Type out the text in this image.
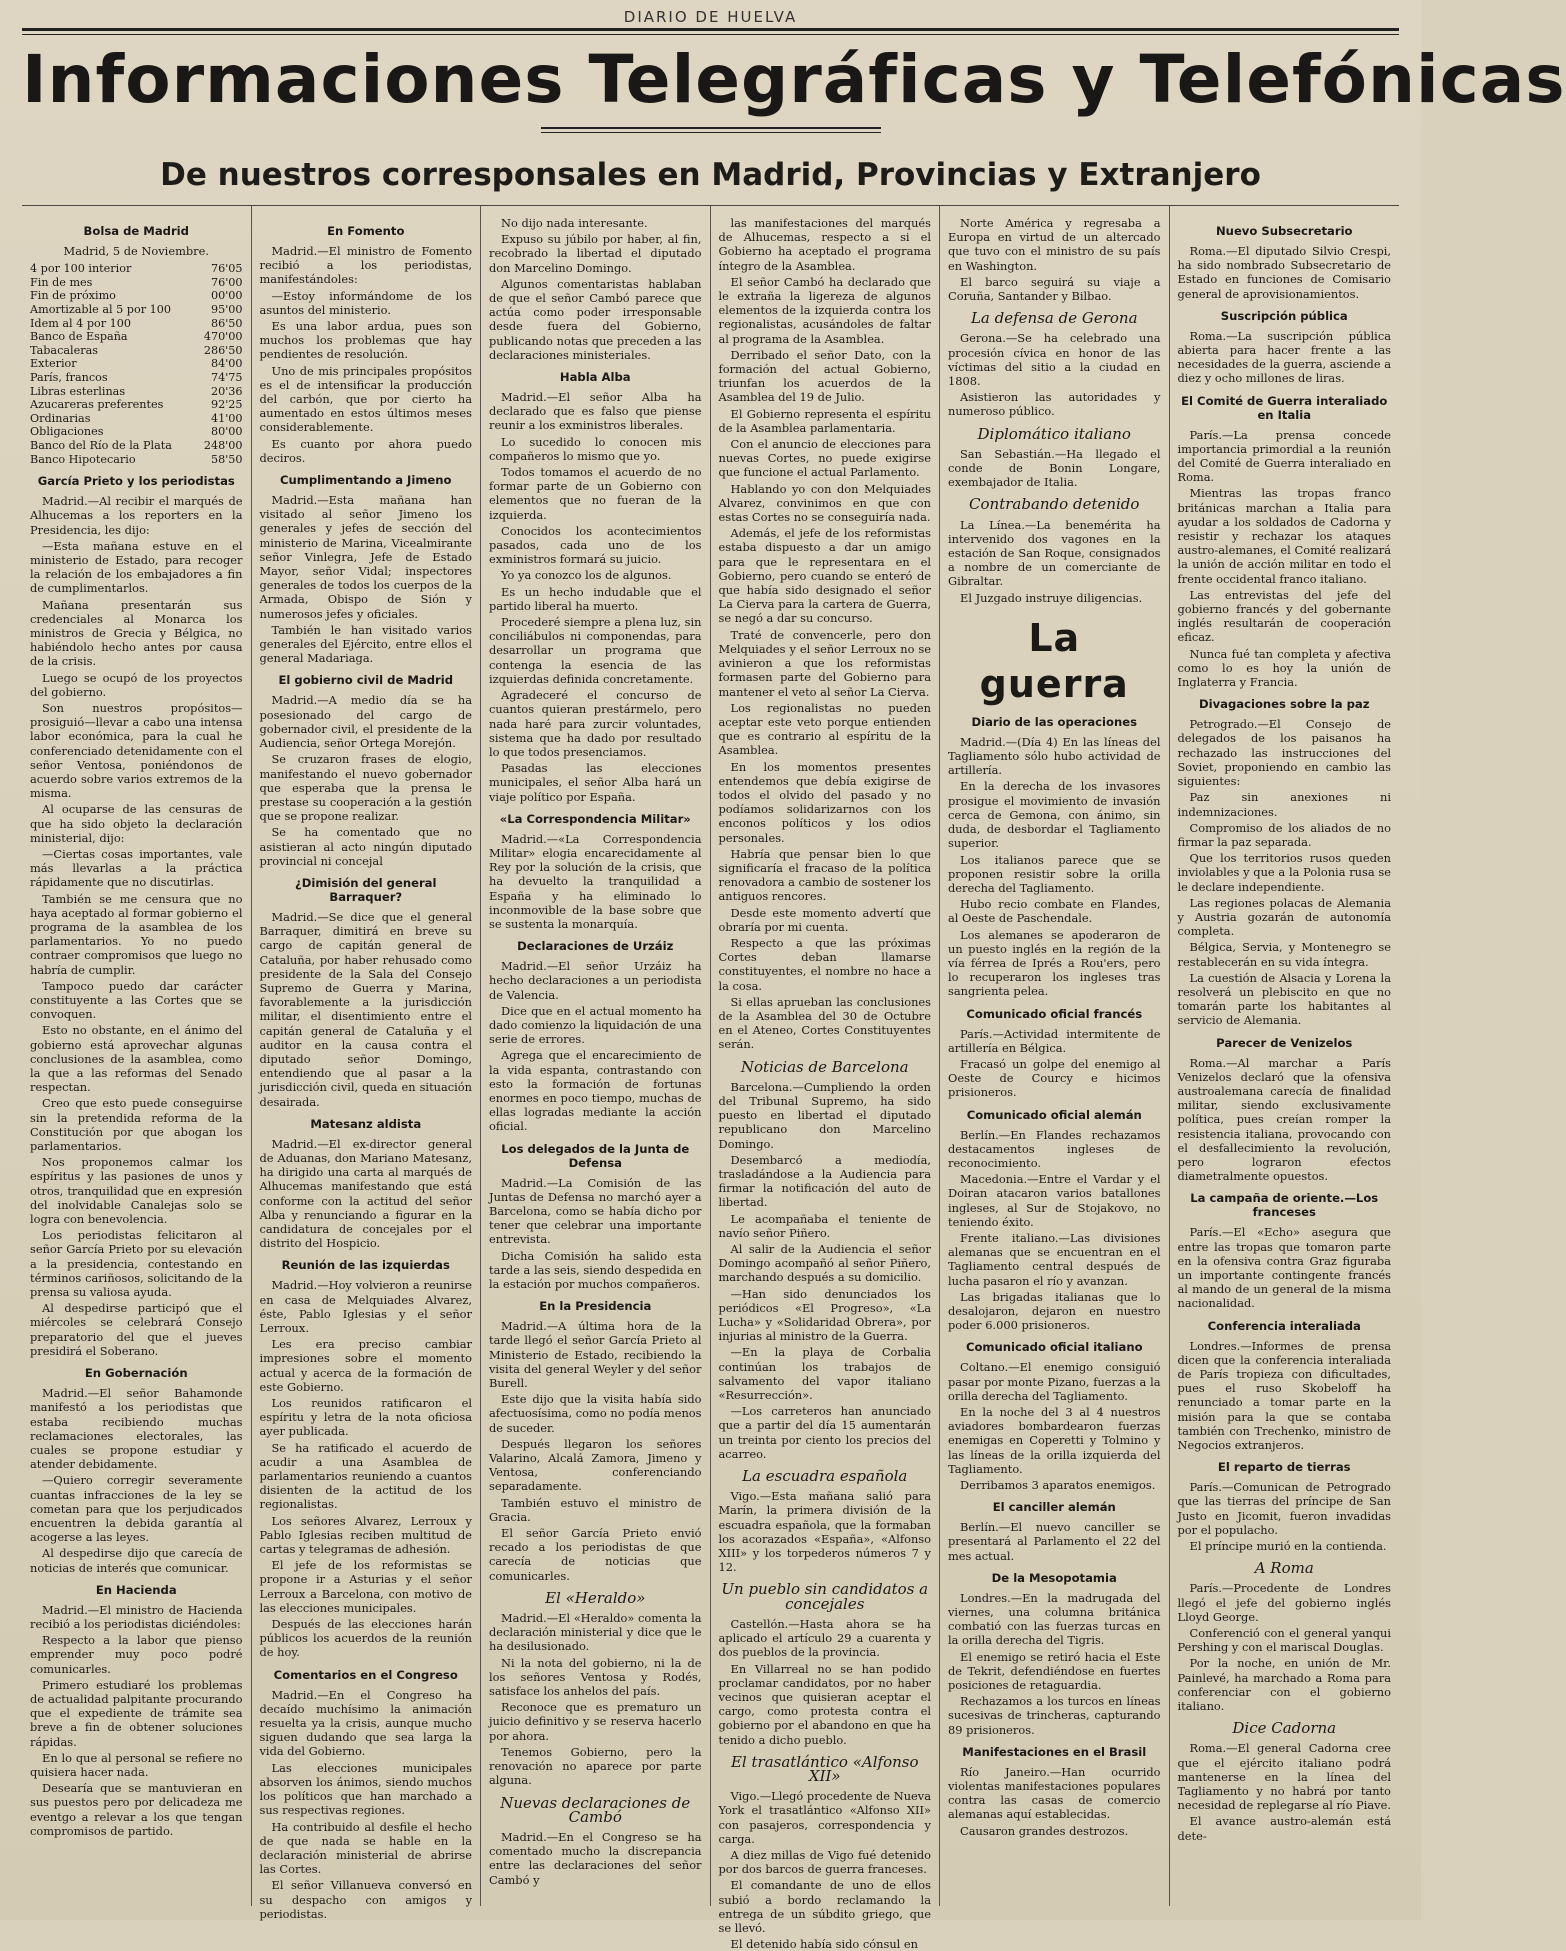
DIARIO DE HUELVA
Informaciones Telegráficas y Telefónicas
De nuestros corresponsales en Madrid, Provincias y Extranjero
Bolsa de Madrid
Madrid, 5 de Noviembre.
4 por 100 interior	76'05
Fin de mes	76'00
Fin de próximo	00'00
Amortizable al 5 por 100	95'00
Idem al 4 por 100	86'50
Banco de España	470'00
Tabacaleras	286'50
Exterior	84'00
París, francos	74'75
Libras esterlinas	20'36
Azucareras preferentes	92'25
Ordinarias	41'00
Obligaciones	80'00
Banco del Río de la Plata	248'00
Banco Hipotecario	58'50
García Prieto y los periodistas

Madrid.—Al recibir el marqués de Alhucemas a los reporters en la Presidencia, les dijo:

—Esta mañana estuve en el ministerio de Estado, para recoger la relación de los embajadores a fin de cumplimentarlos.

Mañana presentarán sus credenciales al Monarca los ministros de Grecia y Bélgica, no habiéndolo hecho antes por causa de la crisis.

Luego se ocupó de los proyectos del gobierno.

Son nuestros propósitos—prosiguió—llevar a cabo una intensa labor económica, para la cual he conferenciado detenidamente con el señor Ventosa, poniéndonos de acuerdo sobre varios extremos de la misma.

Al ocuparse de las censuras de que ha sido objeto la declaración ministerial, dijo:

—Ciertas cosas importantes, vale más llevarlas a la práctica rápidamente que no discutirlas.

También se me censura que no haya aceptado al formar gobierno el programa de la asamblea de los parlamentarios. Yo no puedo contraer compromisos que luego no habría de cumplir.

Tampoco puedo dar carácter constituyente a las Cortes que se convoquen.

Esto no obstante, en el ánimo del gobierno está aprovechar algunas conclusiones de la asamblea, como la que a las reformas del Senado respectan.

Creo que esto puede conseguirse sin la pretendida reforma de la Constitución por que abogan los parlamentarios.

Nos proponemos calmar los espíritus y las pasiones de unos y otros, tranquilidad que en expresión del inolvidable Canalejas solo se logra con benevolencia.

Los periodistas felicitaron al señor García Prieto por su elevación a la presidencia, contestando en términos cariñosos, solicitando de la prensa su valiosa ayuda.

Al despedirse participó que el miércoles se celebrará Consejo preparatorio del que el jueves presidirá el Soberano.

En Gobernación

Madrid.—El señor Bahamonde manifestó a los periodistas que estaba recibiendo muchas reclamaciones electorales, las cuales se propone estudiar y atender debidamente.

—Quiero corregir severamente cuantas infracciones de la ley se cometan para que los perjudicados encuentren la debida garantía al acogerse a las leyes.

Al despedirse dijo que carecía de noticias de interés que comunicar.

En Hacienda

Madrid.—El ministro de Hacienda recibió a los periodistas diciéndoles:

Respecto a la labor que pienso emprender muy poco podré comunicarles.

Primero estudiaré los problemas de actualidad palpitante procurando que el expediente de trámite sea breve a fin de obtener soluciones rápidas.

En lo que al personal se refiere no quisiera hacer nada.

Desearía que se mantuvieran en sus puestos pero por delicadeza me eventgo a relevar a los que tengan compromisos de partido.

En Fomento

Madrid.—El ministro de Fomento recibió a los periodistas, manifestándoles:

—Estoy informándome de los asuntos del ministerio.

Es una labor ardua, pues son muchos los problemas que hay pendientes de resolución.

Uno de mis principales propósitos es el de intensificar la producción del carbón, que por cierto ha aumentado en estos últimos meses considerablemente.

Es cuanto por ahora puedo deciros.

Cumplimentando a Jimeno

Madrid.—Esta mañana han visitado al señor Jimeno los generales y jefes de sección del ministerio de Marina, Vicealmirante señor Vinlegra, Jefe de Estado Mayor, señor Vidal; inspectores generales de todos los cuerpos de la Armada, Obispo de Sión y numerosos jefes y oficiales.

También le han visitado varios generales del Ejército, entre ellos el general Madariaga.

El gobierno civil de Madrid

Madrid.—A medio día se ha posesionado del cargo de gobernador civil, el presidente de la Audiencia, señor Ortega Morejón.

Se cruzaron frases de elogio, manifestando el nuevo gobernador que esperaba que la prensa le prestase su cooperación a la gestión que se propone realizar.

Se ha comentado que no asistieran al acto ningún diputado provincial ni concejal

¿Dimisión del general Barraquer?

Madrid.—Se dice que el general Barraquer, dimitirá en breve su cargo de capitán general de Cataluña, por haber rehusado como presidente de la Sala del Consejo Supremo de Guerra y Marina, favorablemente a la jurisdicción militar, el disentimiento entre el capitán general de Cataluña y el auditor en la causa contra el diputado señor Domingo, entendiendo que al pasar a la jurisdicción civil, queda en situación desairada.

Matesanz aldista

Madrid.—El ex-director general de Aduanas, don Mariano Matesanz, ha dirigido una carta al marqués de Alhucemas manifestando que está conforme con la actitud del señor Alba y renunciando a figurar en la candidatura de concejales por el distrito del Hospicio.

Reunión de las izquierdas

Madrid.—Hoy volvieron a reunirse en casa de Melquiades Alvarez, éste, Pablo Iglesias y el señor Lerroux.

Les era preciso cambiar impresiones sobre el momento actual y acerca de la formación de este Gobierno.

Los reunidos ratificaron el espíritu y letra de la nota oficiosa ayer publicada.

Se ha ratificado el acuerdo de acudir a una Asamblea de parlamentarios reuniendo a cuantos disienten de la actitud de los regionalistas.

Los señores Alvarez, Lerroux y Pablo Iglesias reciben multitud de cartas y telegramas de adhesión.

El jefe de los reformistas se propone ir a Asturias y el señor Lerroux a Barcelona, con motivo de las elecciones municipales.

Después de las elecciones harán públicos los acuerdos de la reunión de hoy.

Comentarios en el Congreso

Madrid.—En el Congreso ha decaído muchísimo la animación resuelta ya la crisis, aunque mucho siguen dudando que sea larga la vida del Gobierno.

Las elecciones municipales absorven los ánimos, siendo muchos los políticos que han marchado a sus respectivas regiones.

Ha contribuido al desfile el hecho de que nada se hable en la declaración ministerial de abrirse las Cortes.

El señor Villanueva conversó en su despacho con amigos y periodistas.

No dijo nada interesante.

Expuso su júbilo por haber, al fin, recobrado la libertad el diputado don Marcelino Domingo.

Algunos comentaristas hablaban de que el señor Cambó parece que actúa como poder irresponsable desde fuera del Gobierno, publicando notas que preceden a las declaraciones ministeriales.

Habla Alba

Madrid.—El señor Alba ha declarado que es falso que piense reunir a los exministros liberales.

Lo sucedido lo conocen mis compañeros lo mismo que yo.

Todos tomamos el acuerdo de no formar parte de un Gobierno con elementos que no fueran de la izquierda.

Conocidos los acontecimientos pasados, cada uno de los exministros formará su juicio.

Yo ya conozco los de algunos.

Es un hecho indudable que el partido liberal ha muerto.

Procederé siempre a plena luz, sin conciliábulos ni componendas, para desarrollar un programa que contenga la esencia de las izquierdas definida concretamente.

Agradeceré el concurso de cuantos quieran prestármelo, pero nada haré para zurcir voluntades, sistema que ha dado por resultado lo que todos presenciamos.

Pasadas las elecciones municipales, el señor Alba hará un viaje político por España.

«La Correspondencia Militar»

Madrid.—«La Correspondencia Militar» elogia encarecidamente al Rey por la solución de la crisis, que ha devuelto la tranquilidad a España y ha eliminado lo inconmovible de la base sobre que se sustenta la monarquía.

Declaraciones de Urzáiz

Madrid.—El señor Urzáiz ha hecho declaraciones a un periodista de Valencia.

Dice que en el actual momento ha dado comienzo la liquidación de una serie de errores.

Agrega que el encarecimiento de la vida espanta, contrastando con esto la formación de fortunas enormes en poco tiempo, muchas de ellas logradas mediante la acción oficial.

Los delegados de la Junta de Defensa

Madrid.—La Comisión de las Juntas de Defensa no marchó ayer a Barcelona, como se había dicho por tener que celebrar una importante entrevista.

Dicha Comisión ha salido esta tarde a las seis, siendo despedida en la estación por muchos compañeros.

En la Presidencia

Madrid.—A última hora de la tarde llegó el señor García Prieto al Ministerio de Estado, recibiendo la visita del general Weyler y del señor Burell.

Este dijo que la visita había sido afectuosísima, como no podía menos de suceder.

Después llegaron los señores Valarino, Alcalá Zamora, Jimeno y Ventosa, conferenciando separadamente.

También estuvo el ministro de Gracia.

El señor García Prieto envió recado a los periodistas de que carecía de noticias que comunicarles.

El «Heraldo»

Madrid.—El «Heraldo» comenta la declaración ministerial y dice que le ha desilusionado.

Ni la nota del gobierno, ni la de los señores Ventosa y Rodés, satisface los anhelos del país.

Reconoce que es prematuro un juicio definitivo y se reserva hacerlo por ahora.

Tenemos Gobierno, pero la renovación no aparece por parte alguna.

Nuevas declaraciones de Cambó

Madrid.—En el Congreso se ha comentado mucho la discrepancia entre las declaraciones del señor Cambó y

las manifestaciones del marqués de Alhucemas, respecto a si el Gobierno ha aceptado el programa íntegro de la Asamblea.

El señor Cambó ha declarado que le extraña la ligereza de algunos elementos de la izquierda contra los regionalistas, acusándoles de faltar al programa de la Asamblea.

Derribado el señor Dato, con la formación del actual Gobierno, triunfan los acuerdos de la Asamblea del 19 de Julio.

El Gobierno representa el espíritu de la Asamblea parlamentaria.

Con el anuncio de elecciones para nuevas Cortes, no puede exigirse que funcione el actual Parlamento.

Hablando yo con don Melquiades Alvarez, convinimos en que con estas Cortes no se conseguiría nada.

Además, el jefe de los reformistas estaba dispuesto a dar un amigo para que le representara en el Gobierno, pero cuando se enteró de que había sido designado el señor La Cierva para la cartera de Guerra, se negó a dar su concurso.

Traté de convencerle, pero don Melquiades y el señor Lerroux no se avinieron a que los reformistas formasen parte del Gobierno para mantener el veto al señor La Cierva.

Los regionalistas no pueden aceptar este veto porque entienden que es contrario al espíritu de la Asamblea.

En los momentos presentes entendemos que debía exigirse de todos el olvido del pasado y no podíamos solidarizarnos con los enconos políticos y los odios personales.

Habría que pensar bien lo que significaría el fracaso de la política renovadora a cambio de sostener los antiguos rencores.

Desde este momento advertí que obraría por mi cuenta.

Respecto a que las próximas Cortes deban llamarse constituyentes, el nombre no hace a la cosa.

Si ellas aprueban las conclusiones de la Asamblea del 30 de Octubre en el Ateneo, Cortes Constituyentes serán.

Noticias de Barcelona

Barcelona.—Cumpliendo la orden del Tribunal Supremo, ha sido puesto en libertad el diputado republicano don Marcelino Domingo.

Desembarcó a mediodía, trasladándose a la Audiencia para firmar la notificación del auto de libertad.

Le acompañaba el teniente de navío señor Piñero.

Al salir de la Audiencia el señor Domingo acompañó al señor Piñero, marchando después a su domicilio.

—Han sido denunciados los periódicos «El Progreso», «La Lucha» y «Solidaridad Obrera», por injurias al ministro de la Guerra.

—En la playa de Corbalia continúan los trabajos de salvamento del vapor italiano «Resurrección».

—Los carreteros han anunciado que a partir del día 15 aumentarán un treinta por ciento los precios del acarreo.

La escuadra española

Vigo.—Esta mañana salió para Marín, la primera división de la escuadra española, que la formaban los acorazados «España», «Alfonso XIII» y los torpederos números 7 y 12.

Un pueblo sin candidatos a concejales

Castellón.—Hasta ahora se ha aplicado el artículo 29 a cuarenta y dos pueblos de la provincia.

En Villarreal no se han podido proclamar candidatos, por no haber vecinos que quisieran aceptar el cargo, como protesta contra el gobierno por el abandono en que ha tenido a dicho pueblo.

El trasatlántico «Alfonso XII»

Vigo.—Llegó procedente de Nueva York el trasatlántico «Alfonso XII» con pasajeros, correspondencia y carga.

A diez millas de Vigo fué detenido por dos barcos de guerra franceses.

El comandante de uno de ellos subió a bordo reclamando la entrega de un súbdito griego, que se llevó.

El detenido había sido cónsul en

Norte América y regresaba a Europa en virtud de un altercado que tuvo con el ministro de su país en Washington.

El barco seguirá su viaje a Coruña, Santander y Bilbao.

La defensa de Gerona

Gerona.—Se ha celebrado una procesión cívica en honor de las víctimas del sitio a la ciudad en 1808.

Asistieron las autoridades y numeroso público.

Diplomático italiano

San Sebastián.—Ha llegado el conde de Bonin Longare, exembajador de Italia.

Contrabando detenido

La Línea.—La benemérita ha intervenido dos vagones en la estación de San Roque, consignados a nombre de un comerciante de Gibraltar.

El Juzgado instruye diligencias.

La guerra
Diario de las operaciones

Madrid.—(Día 4) En las líneas del Tagliamento sólo hubo actividad de artillería.

En la derecha de los invasores prosigue el movimiento de invasión cerca de Gemona, con ánimo, sin duda, de desbordar el Tagliamento superior.

Los italianos parece que se proponen resistir sobre la orilla derecha del Tagliamento.

Hubo recio combate en Flandes, al Oeste de Paschendale.

Los alemanes se apoderaron de un puesto inglés en la región de la vía férrea de Iprés a Rou'ers, pero lo recuperaron los ingleses tras sangrienta pelea.

Comunicado oficial francés

París.—Actividad intermitente de artillería en Bélgica.

Fracasó un golpe del enemigo al Oeste de Courcy e hicimos prisioneros.

Comunicado oficial alemán

Berlín.—En Flandes rechazamos destacamentos ingleses de reconocimiento.

Macedonia.—Entre el Vardar y el Doiran atacaron varios batallones ingleses, al Sur de Stojakovo, no teniendo éxito.

Frente italiano.—Las divisiones alemanas que se encuentran en el Tagliamento central después de lucha pasaron el río y avanzan.

Las brigadas italianas que lo desalojaron, dejaron en nuestro poder 6.000 prisioneros.

Comunicado oficial italiano

Coltano.—El enemigo consiguió pasar por monte Pizano, fuerzas a la orilla derecha del Tagliamento.

En la noche del 3 al 4 nuestros aviadores bombardearon fuerzas enemigas en Coperetti y Tolmino y las líneas de la orilla izquierda del Tagliamento.

Derribamos 3 aparatos enemigos.

El canciller alemán

Berlín.—El nuevo canciller se presentará al Parlamento el 22 del mes actual.

De la Mesopotamia

Londres.—En la madrugada del viernes, una columna británica combatió con las fuerzas turcas en la orilla derecha del Tigris.

El enemigo se retiró hacia el Este de Tekrit, defendiéndose en fuertes posiciones de retaguardia.

Rechazamos a los turcos en líneas sucesivas de trincheras, capturando 89 prisioneros.

Manifestaciones en el Brasil

Río Janeiro.—Han ocurrido violentas manifestaciones populares contra las casas de comercio alemanas aquí establecidas.

Causaron grandes destrozos.

Nuevo Subsecretario

Roma.—El diputado Silvio Crespi, ha sido nombrado Subsecretario de Estado en funciones de Comisario general de aprovisionamientos.

Suscripción pública

Roma.—La suscripción pública abierta para hacer frente a las necesidades de la guerra, asciende a diez y ocho millones de liras.

El Comité de Guerra interaliado en Italia

París.—La prensa concede importancia primordial a la reunión del Comité de Guerra interaliado en Roma.

Mientras las tropas franco británicas marchan a Italia para ayudar a los soldados de Cadorna y resistir y rechazar los ataques austro-alemanes, el Comité realizará la unión de acción militar en todo el frente occidental franco italiano.

Las entrevistas del jefe del gobierno francés y del gobernante inglés resultarán de cooperación eficaz.

Nunca fué tan completa y afectiva como lo es hoy la unión de Inglaterra y Francia.

Divagaciones sobre la paz

Petrogrado.—El Consejo de delegados de los paisanos ha rechazado las instrucciones del Soviet, proponiendo en cambio las siguientes:

Paz sin anexiones ni indemnizaciones.

Compromiso de los aliados de no firmar la paz separada.

Que los territorios rusos queden inviolables y que a la Polonia rusa se le declare independiente.

Las regiones polacas de Alemania y Austria gozarán de autonomía completa.

Bélgica, Servia, y Montenegro se restablecerán en su vida íntegra.

La cuestión de Alsacia y Lorena la resolverá un plebiscito en que no tomarán parte los habitantes al servicio de Alemania.

Parecer de Venizelos

Roma.—Al marchar a París Venizelos declaró que la ofensiva austroalemana carecía de finalidad militar, siendo exclusivamente política, pues creían romper la resistencia italiana, provocando con el desfallecimiento la revolución, pero lograron efectos diametralmente opuestos.

La campaña de oriente.—Los franceses

París.—El «Echo» asegura que entre las tropas que tomaron parte en la ofensiva contra Graz figuraba un importante contingente francés al mando de un general de la misma nacionalidad.

Conferencia interaliada

Londres.—Informes de prensa dicen que la conferencia interaliada de París tropieza con dificultades, pues el ruso Skobeloff ha renunciado a tomar parte en la misión para la que se contaba también con Trechenko, ministro de Negocios extranjeros.

El reparto de tierras

París.—Comunican de Petrogrado que las tierras del príncipe de San Justo en Jicomit, fueron invadidas por el populacho.

El príncipe murió en la contienda.

A Roma

París.—Procedente de Londres llegó el jefe del gobierno inglés Lloyd George.

Conferenció con el general yanqui Pershing y con el mariscal Douglas.

Por la noche, en unión de Mr. Painlevé, ha marchado a Roma para conferenciar con el gobierno italiano.

Dice Cadorna

Roma.—El general Cadorna cree que el ejército italiano podrá mantenerse en la línea del Tagliamento y no habrá por tanto necesidad de replegarse al río Piave.

El avance austro-alemán está dete-
